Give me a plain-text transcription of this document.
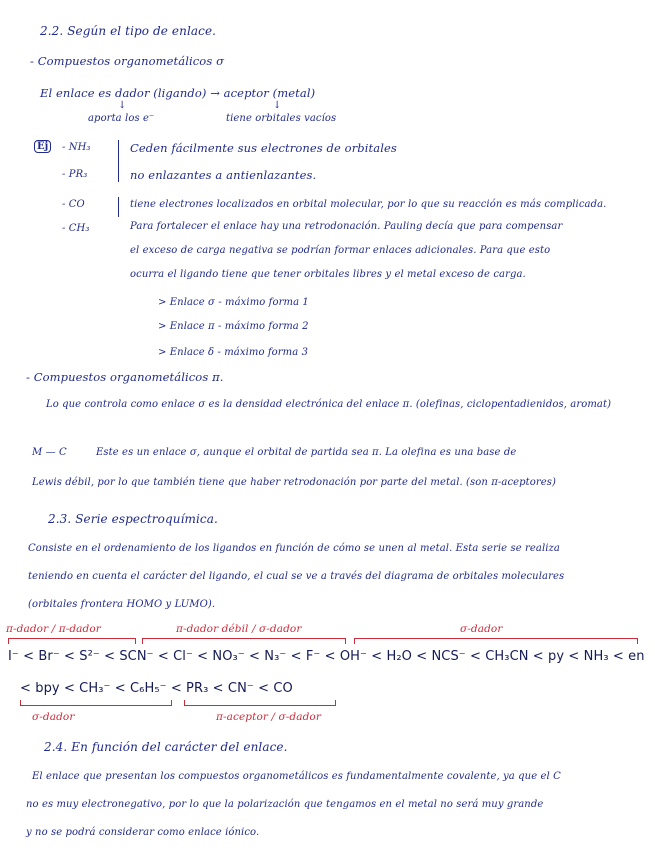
2.2. Según el tipo de enlace.
- Compuestos organometálicos σ
El enlace es dador (ligando) → aceptor (metal)
↓	↓
aporta los e⁻	tiene orbitales vacíos
Ej	- NH₃
- PR₃
- CO
- CH₃
Ceden fácilmente sus electrones de orbitales
no enlazantes a antienlazantes.
tiene electrones localizados en orbital molecular, por lo que su reacción es más complicada.
Para fortalecer el enlace hay una retrodonación. Pauling decía que para compensar
el exceso de carga negativa se podrían formar enlaces adicionales. Para que esto
ocurra el ligando tiene que tener orbitales libres y el metal exceso de carga.
> Enlace σ - máximo forma 1
> Enlace π - máximo forma 2
> Enlace δ - máximo forma 3
- Compuestos organometálicos π.
Lo que controla como enlace σ es la densidad electrónica del enlace π. (olefinas, ciclopentadienidos, aromat)
M — C	Este es un enlace σ, aunque el orbital de partida sea π. La olefina es una base de
Lewis débil, por lo que también tiene que haber retrodonación por parte del metal. (son π-aceptores)
2.3. Serie espectroquímica.
Consiste en el ordenamiento de los ligandos en función de cómo se unen al metal. Esta serie se realiza
teniendo en cuenta el carácter del ligando, el cual se ve a través del diagrama de orbitales moleculares
(orbitales frontera HOMO y LUMO).
π-dador / π-dador	π-dador débil / σ-dador	σ-dador
I⁻ < Br⁻ < S²⁻ < SCN⁻ < Cl⁻ < NO₃⁻ < N₃⁻ < F⁻ < OH⁻ < H₂O < NCS⁻ < CH₃CN < py < NH₃ < en
< bpy < CH₃⁻ < C₆H₅⁻ < PR₃ < CN⁻ < CO
σ-dador	π-aceptor / σ-dador
2.4. En función del carácter del enlace.
El enlace que presentan los compuestos organometálicos es fundamentalmente covalente, ya que el C
no es muy electronegativo, por lo que la polarización que tengamos en el metal no será muy grande
y no se podrá considerar como enlace iónico.
